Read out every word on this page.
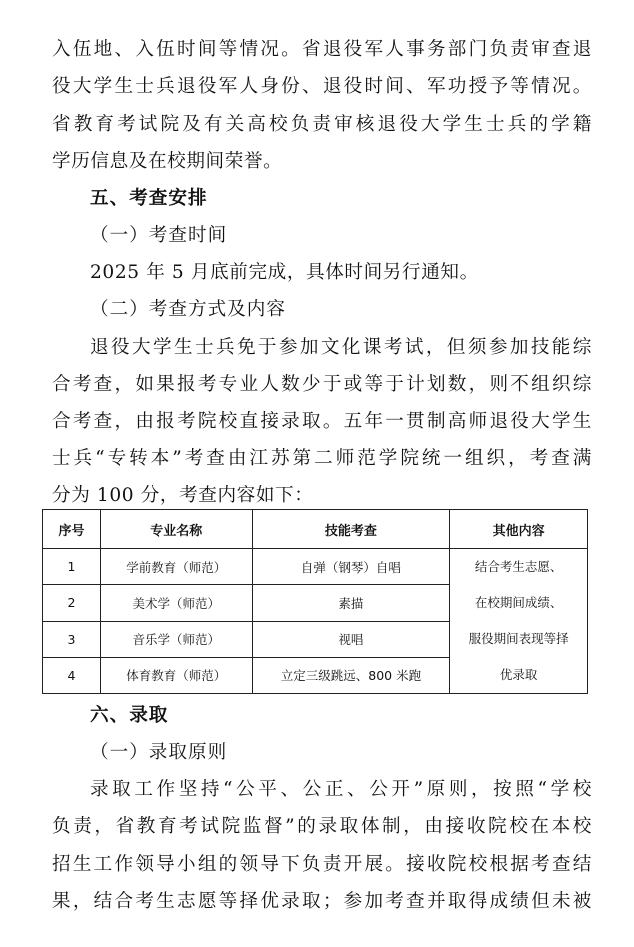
入伍地、入伍时间等情况。省退役军人事务部门负责审查退
役大学生士兵退役军人身份、退役时间、军功授予等情况。
省教育考试院及有关高校负责审核退役大学生士兵的学籍
学历信息及在校期间荣誉。
五、考查安排
（一）考查时间
2025 年 5 月底前完成，具体时间另行通知。
（二）考查方式及内容
退役大学生士兵免于参加文化课考试，但须参加技能综
合考查，如果报考专业人数少于或等于计划数，则不组织综
合考查，由报考院校直接录取。五年一贯制高师退役大学生
士兵“专转本”考查由江苏第二师范学院统一组织，考查满
分为 100 分，考查内容如下：
序号	专业名称	技能考查	其他内容
1	学前教育（师范）	自弹（钢琴）自唱	结合考生志愿、
在校期间成绩、
服役期间表现等择
优录取

2	美术学（师范）	素描	
3	音乐学（师范）	视唱	
4	体育教育（师范）	立定三级跳远、800 米跑	
六、录取
（一）录取原则
录取工作坚持“公平、公正、公开”原则，按照“学校
负责，省教育考试院监督”的录取体制，由接收院校在本校
招生工作领导小组的领导下负责开展。接收院校根据考查结
果，结合考生志愿等择优录取；参加考查并取得成绩但未被
